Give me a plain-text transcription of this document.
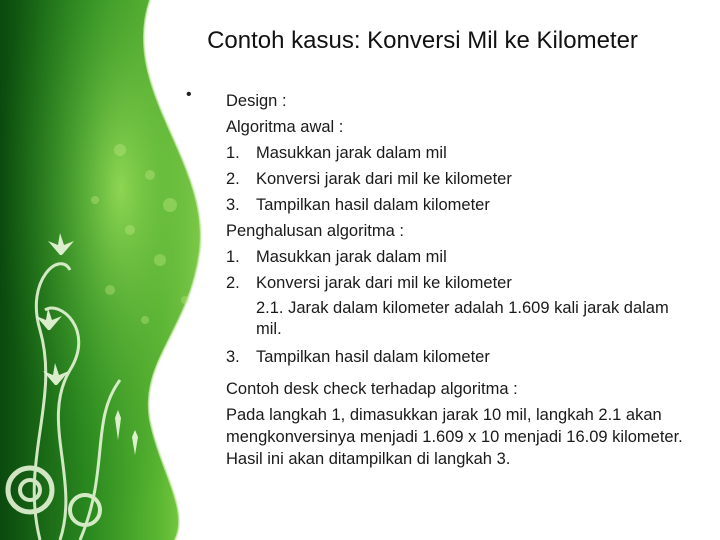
Contoh kasus: Konversi Mil ke Kilometer
• Design :
Algoritma awal :
1. Masukkan jarak dalam mil
2. Konversi jarak dari mil ke kilometer
3. Tampilkan hasil dalam kilometer
Penghalusan algoritma :
1. Masukkan jarak dalam mil
2. Konversi jarak dari mil ke kilometer
2.1. Jarak dalam kilometer adalah 1.609 kali jarak dalam mil.
3. Tampilkan hasil dalam kilometer
Contoh desk check terhadap algoritma :
Pada langkah 1, dimasukkan jarak 10 mil, langkah 2.1 akan mengkonversinya menjadi 1.609 x 10 menjadi 16.09 kilometer. Hasil ini akan ditampilkan di langkah 3.
